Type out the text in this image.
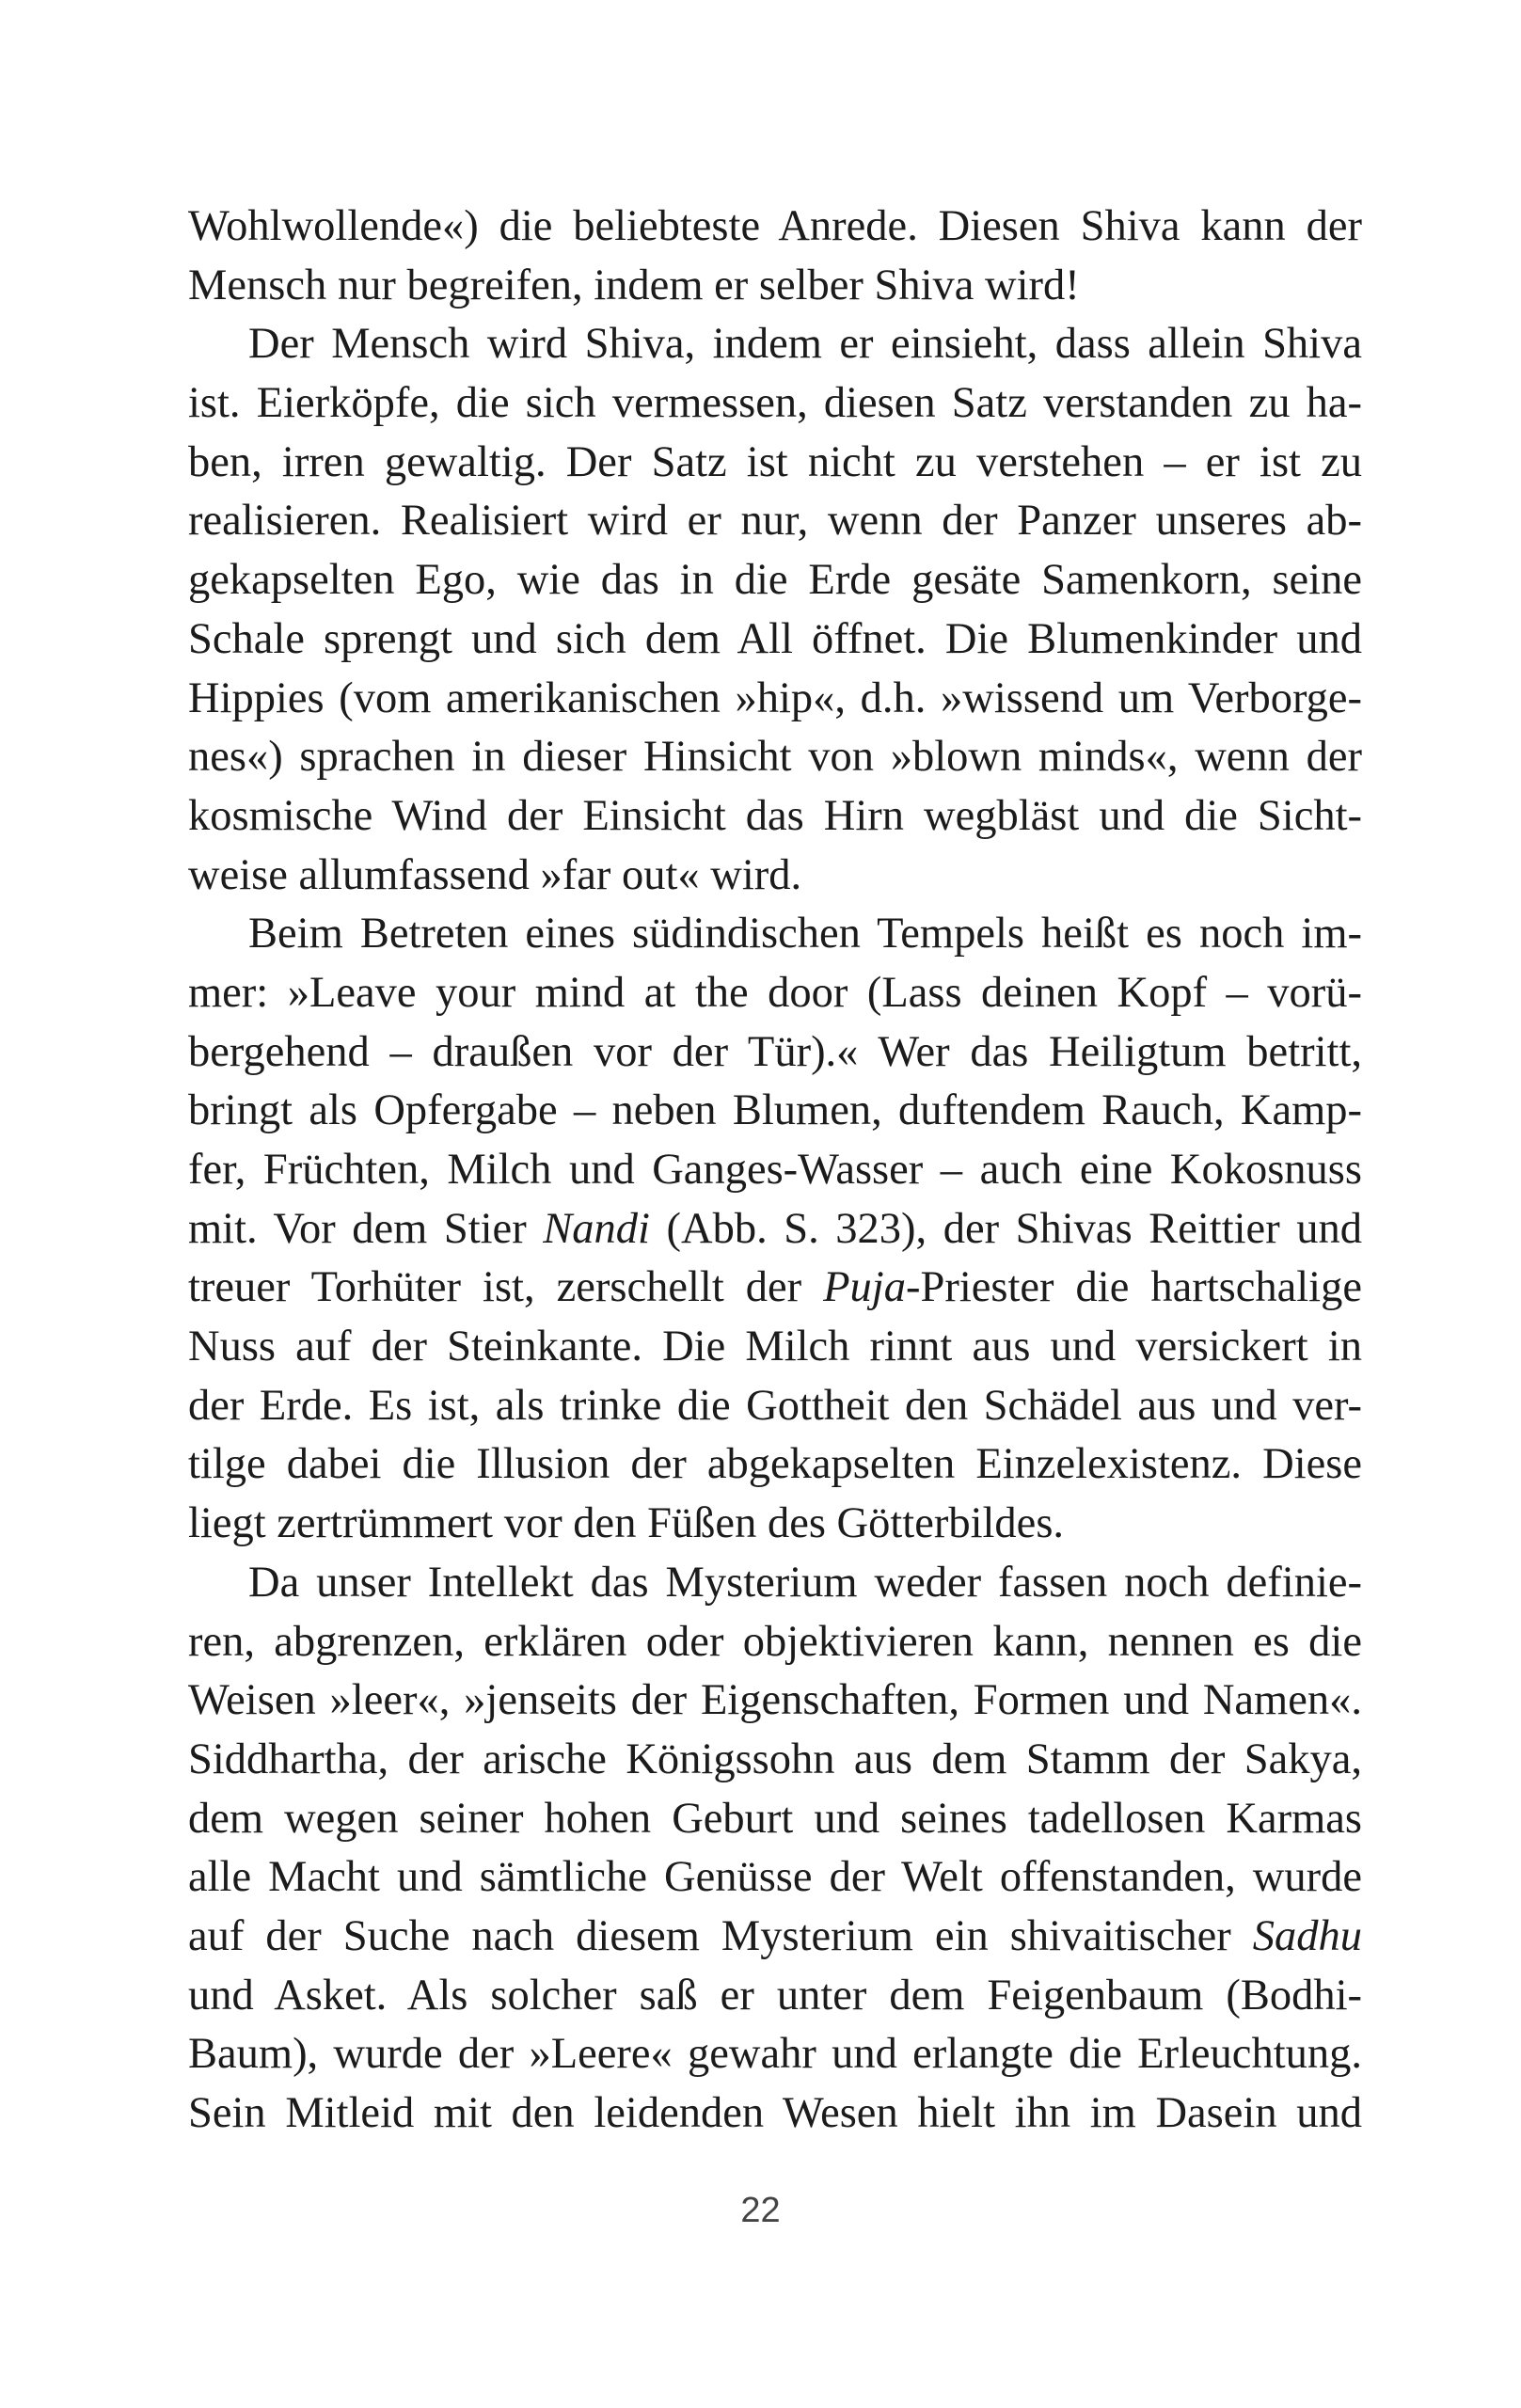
Wohlwollende«) die beliebteste Anrede. Diesen Shiva kann der
Mensch nur begreifen, indem er selber Shiva wird!
Der Mensch wird Shiva, indem er einsieht, dass allein Shiva
ist. Eierköpfe, die sich vermessen, diesen Satz verstanden zu ha-
ben, irren gewaltig. Der Satz ist nicht zu verstehen – er ist zu
realisieren. Realisiert wird er nur, wenn der Panzer unseres ab-
gekapselten Ego, wie das in die Erde gesäte Samenkorn, seine
Schale sprengt und sich dem All öffnet. Die Blumenkinder und
Hippies (vom amerikanischen »hip«, d.h. »wissend um Verborge-
nes«) sprachen in dieser Hinsicht von »blown minds«, wenn der
kosmische Wind der Einsicht das Hirn wegbläst und die Sicht-
weise allumfassend »far out« wird.
Beim Betreten eines südindischen Tempels heißt es noch im-
mer: »Leave your mind at the door (Lass deinen Kopf – vorü-
bergehend – draußen vor der Tür).« Wer das Heiligtum betritt,
bringt als Opfergabe – neben Blumen, duftendem Rauch, Kamp-
fer, Früchten, Milch und Ganges-Wasser – auch eine Kokosnuss
mit. Vor dem Stier Nandi (Abb. S. 323), der Shivas Reittier und
treuer Torhüter ist, zerschellt der Puja-Priester die hartschalige
Nuss auf der Steinkante. Die Milch rinnt aus und versickert in
der Erde. Es ist, als trinke die Gottheit den Schädel aus und ver-
tilge dabei die Illusion der abgekapselten Einzelexistenz. Diese
liegt zertrümmert vor den Füßen des Götterbildes.
Da unser Intellekt das Mysterium weder fassen noch definie-
ren, abgrenzen, erklären oder objektivieren kann, nennen es die
Weisen »leer«, »jenseits der Eigenschaften, Formen und Namen«.
Siddhartha, der arische Königssohn aus dem Stamm der Sakya,
dem wegen seiner hohen Geburt und seines tadellosen Karmas
alle Macht und sämtliche Genüsse der Welt offenstanden, wurde
auf der Suche nach diesem Mysterium ein shivaitischer Sadhu
und Asket. Als solcher saß er unter dem Feigenbaum (Bodhi-
Baum), wurde der »Leere« gewahr und erlangte die Erleuchtung.
Sein Mitleid mit den leidenden Wesen hielt ihn im Dasein und
22
